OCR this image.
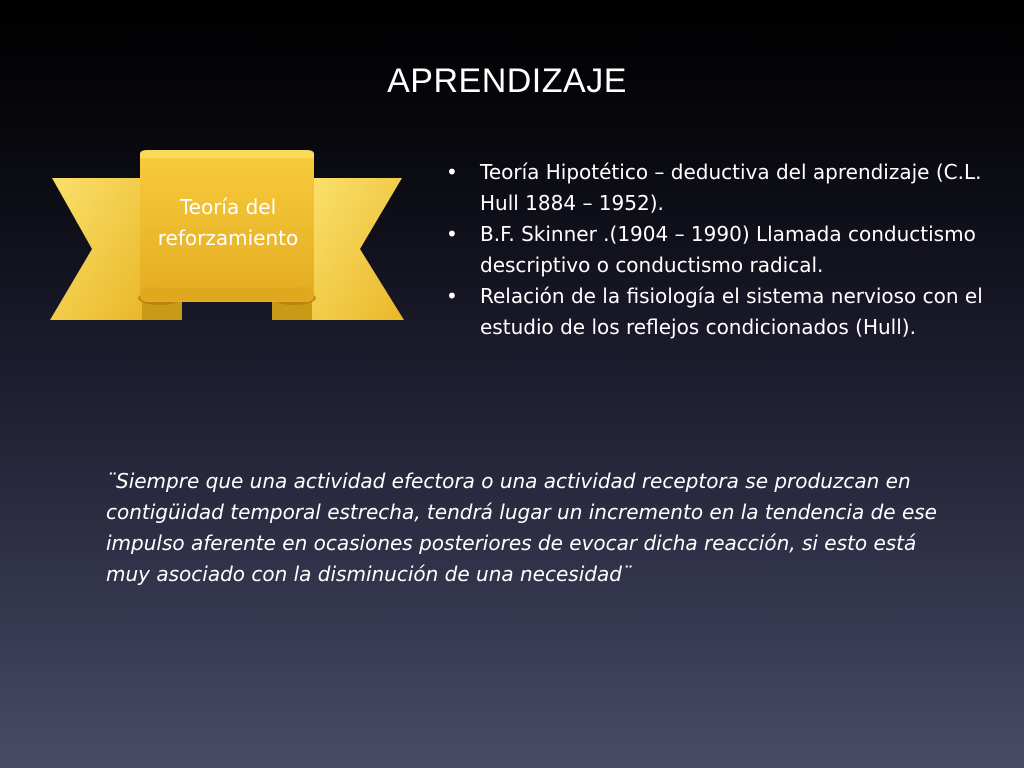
APRENDIZAJE
Teoría del
reforzamiento
•	Teoría Hipotético – deductiva del aprendizaje (C.L. Hull 1884 – 1952).
•	B.F. Skinner .(1904 – 1990) Llamada conductismo descriptivo o conductismo radical.
•	Relación de la fisiología el sistema nervioso con el estudio de los reflejos condicionados (Hull).
¨Siempre que una actividad efectora o una actividad receptora se produzcan en contigüidad temporal estrecha, tendrá lugar un incremento en la tendencia de ese impulso aferente en ocasiones posteriores de evocar dicha reacción, si esto está muy asociado con la disminución de una necesidad¨
